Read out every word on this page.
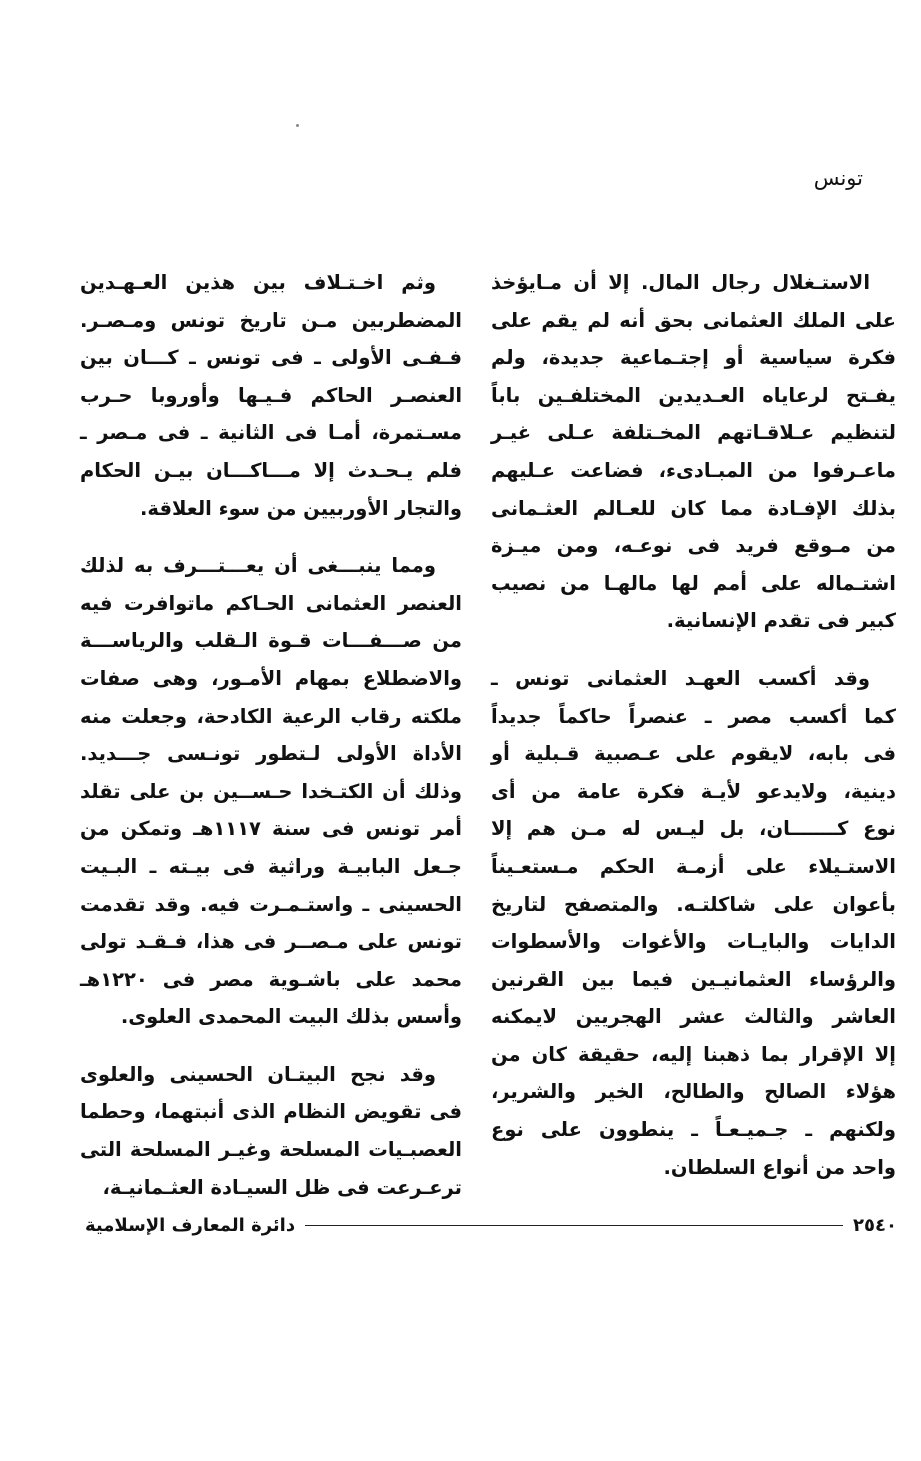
تونس
الاستـغلال رجال المال. إلا أن مـايؤخذ
على الملك العثمانى بحق أنه لم يقم على
فكرة سياسية أو إجتـماعية جديدة، ولم
يفـتح لرعاياه العـديدين المختلفـين باباً
لتنظيم عـلاقـاتهم المخـتلفة عـلى غيـر
ماعـرفوا من المبـادىء، فضاعت عـليهم
بذلك الإفـادة مما كان للعـالم العثـمانى
من مـوقع فريد فى نوعـه، ومن ميـزة
اشتـماله على أمم لها مالهـا من نصيب
كبير فى تقدم الإنسانية.
وقد أكسب العهـد العثمانى تونس ـ
كما أكسب مصر ـ عنصراً حاكماً جديداً
فى بابه، لايقوم على عـصبية قـبلية أو
دينية، ولايدعو لأيـة فكرة عامة من أى
نوع كـــــــان، بل ليـس له مـن هم إلا
الاستـيلاء على أزمـة الحكم مـستعـيناً
بأعوان على شاكلتـه. والمتصفح لتاريخ
الدايات والبايـات والأغوات والأسطوات
والرؤساء العثمانيـين فيما بين القرنين
العاشر والثالث عشر الهجريين لايمكنه
إلا الإقرار بما ذهبنا إليه، حقيقة كان من
هؤلاء الصالح والطالح، الخير والشرير،
ولكنهم ـ جـميـعـاً ـ ينطوون على نوع
واحد من أنواع السلطان.
وثم اخـتـلاف بين هذين العـهـدين
المضطربين مـن تاريخ تونس ومـصـر.
فـفـى الأولى ـ فى تونس ـ كـــان بين
العنصـر الحاكم فـيـها وأوروبا حـرب
مسـتمرة، أمـا فى الثانية ـ فى مـصر ـ
فلم يـحـدث إلا مـــاكـــان بيـن الحكام
والتجار الأوربيين من سوء العلاقة.
ومما ينبـــغى أن يعـــتـــرف به لذلك
العنصر العثمانى الحـاكم ماتوافرت فيه
من صـــفـــات قـوة الـقلب والرياســـة
والاضطلاع بمهام الأمـور، وهى صفات
ملكته رقاب الرعية الكادحة، وجعلت منه
الأداة الأولى لـتطور تونـسى جـــديد.
وذلك أن الكتـخدا حـســين بن على تقلد
أمر تونس فى سنة ١١١٧هـ وتمكن من
جـعل البابيـة وراثية فى بيـته ـ البـيت
الحسينى ـ واستـمـرت فيه. وقد تقدمت
تونس على مـصــر فى هذا، فـقـد تولى
محمد على باشـوية مصر فى ١٢٢٠هـ
وأسس بذلك البيت المحمدى العلوى.
وقد نجح البيتـان الحسينى والعلوى
فى تقويض النظام الذى أنبتهما، وحطما
العصبـيات المسلحة وغيـر المسلحة التى
ترعـرعت فى ظل السيـادة العثـمانيـة،
٢٥٤٠
دائرة المعارف الإسلامية
